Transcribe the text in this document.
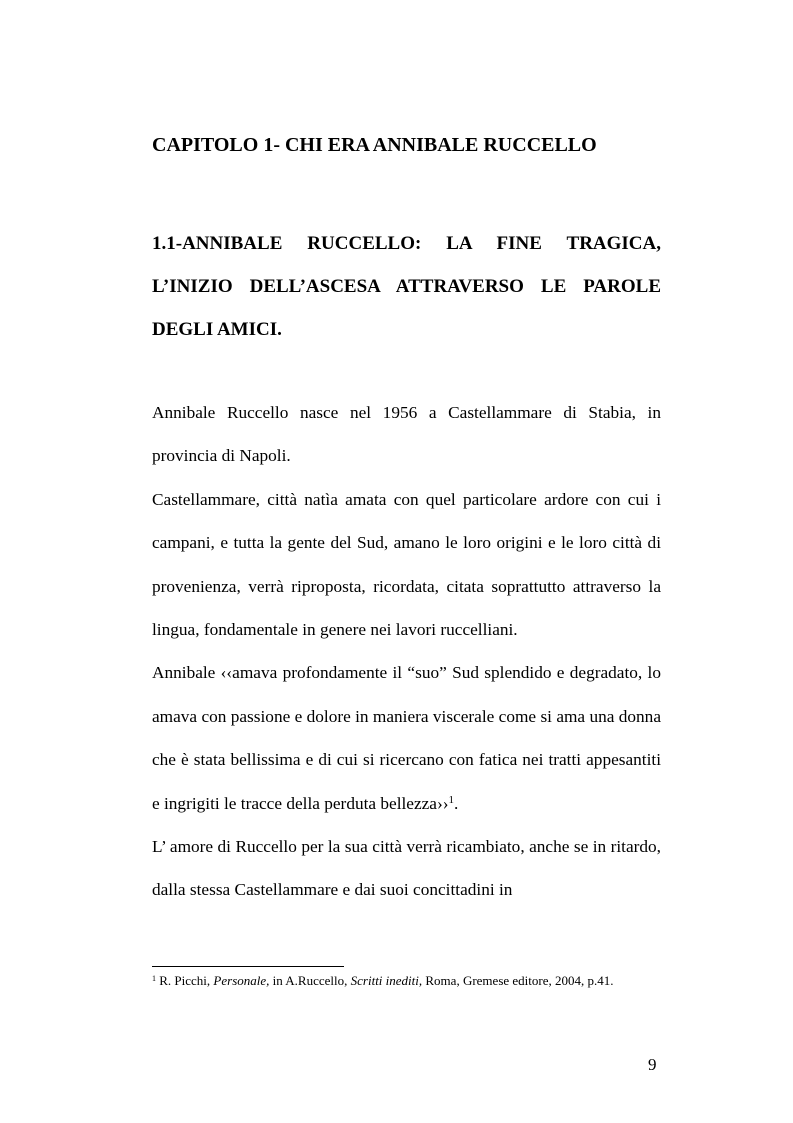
CAPITOLO 1- CHI ERA ANNIBALE RUCCELLO
1.1-ANNIBALE RUCCELLO: LA FINE TRAGICA, L’INIZIO DELL’ASCESA ATTRAVERSO LE PAROLE DEGLI AMICI.

Annibale Ruccello nasce nel 1956 a Castellammare di Stabia, in provincia di Napoli.

Castellammare, città natìa amata con quel particolare ardore con cui i campani, e tutta la gente del Sud, amano le loro origini e le loro città di provenienza, verrà riproposta, ricordata, citata soprattutto attraverso la lingua, fondamentale in genere nei lavori ruccelliani.

Annibale ‹‹amava profondamente il “suo” Sud splendido e degradato, lo amava con passione e dolore in maniera viscerale come si ama una donna che è stata bellissima e di cui si ricercano con fatica nei tratti appesantiti e ingrigiti le tracce della perduta bellezza››$^1$.

L’ amore di Ruccello per la sua città verrà ricambiato, anche se in ritardo, dalla stessa Castellammare e dai suoi concittadini in

$^1$ R. Picchi, Personale, in A.Ruccello, Scritti inediti, Roma, Gremese editore, 2004, p.41.

9
